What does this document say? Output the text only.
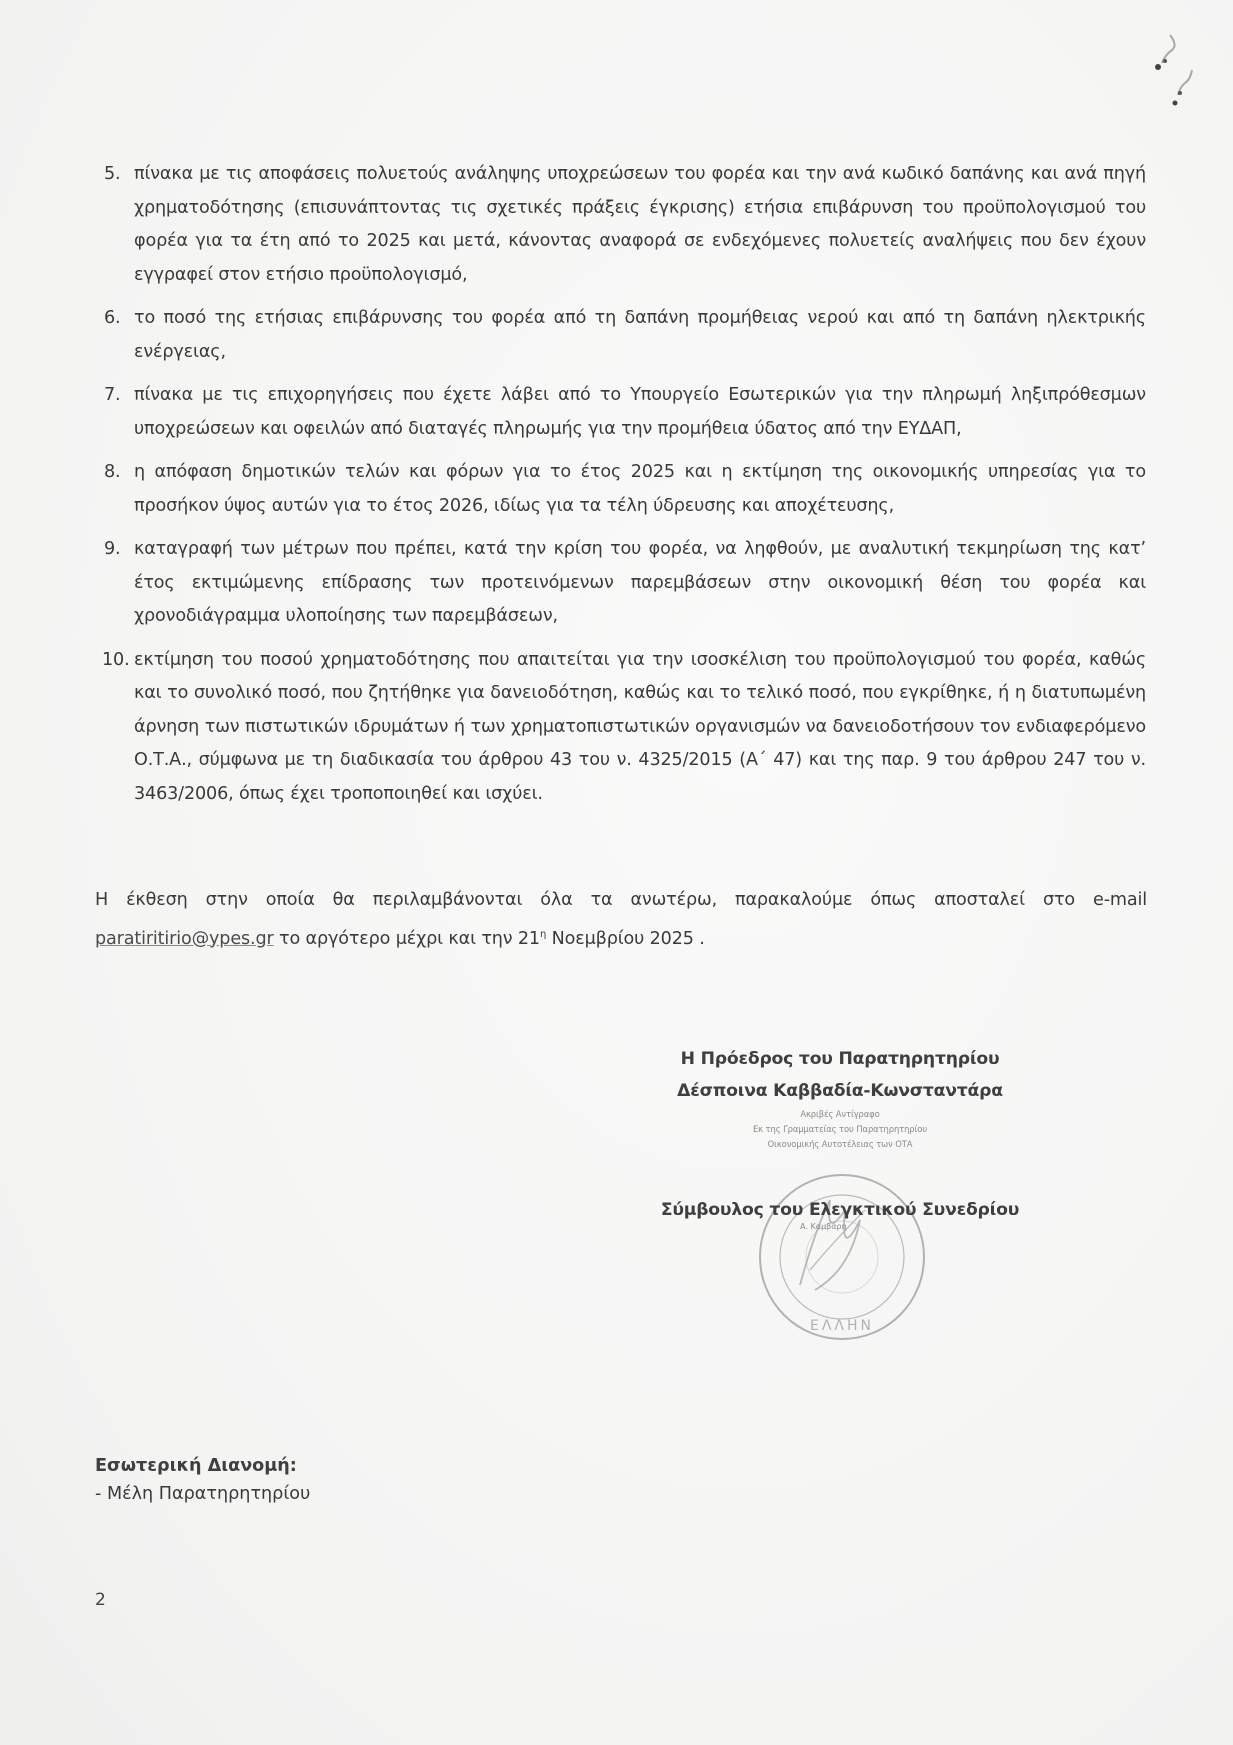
5. πίνακα με τις αποφάσεις πολυετούς ανάληψης υποχρεώσεων του φορέα και την ανά κωδικό δαπάνης και ανά πηγή χρηματοδότησης (επισυνάπτοντας τις σχετικές πράξεις έγκρισης) ετήσια επιβάρυνση του προϋπολογισμού του φορέα για τα έτη από το 2025 και μετά, κάνοντας αναφορά σε ενδεχόμενες πολυετείς αναλήψεις που δεν έχουν εγγραφεί στον ετήσιο προϋπολογισμό,
6. το ποσό της ετήσιας επιβάρυνσης του φορέα από τη δαπάνη προμήθειας νερού και από τη δαπάνη ηλεκτρικής ενέργειας,
7. πίνακα με τις επιχορηγήσεις που έχετε λάβει από το Υπουργείο Εσωτερικών για την πληρωμή ληξιπρόθεσμων υποχρεώσεων και οφειλών από διαταγές πληρωμής για την προμήθεια ύδατος από την ΕΥΔΑΠ,
8. η απόφαση δημοτικών τελών και φόρων για το έτος 2025 και η εκτίμηση της οικονομικής υπηρεσίας για το προσήκον ύψος αυτών για το έτος 2026, ιδίως για τα τέλη ύδρευσης και αποχέτευσης,
9. καταγραφή των μέτρων που πρέπει, κατά την κρίση του φορέα, να ληφθούν, με αναλυτική τεκμηρίωση της κατ’ έτος εκτιμώμενης επίδρασης των προτεινόμενων παρεμβάσεων στην οικονομική θέση του φορέα και χρονοδιάγραμμα υλοποίησης των παρεμβάσεων,
10. εκτίμηση του ποσού χρηματοδότησης που απαιτείται για την ισοσκέλιση του προϋπολογισμού του φορέα, καθώς και το συνολικό ποσό, που ζητήθηκε για δανειοδότηση, καθώς και το τελικό ποσό, που εγκρίθηκε, ή η διατυπωμένη άρνηση των πιστωτικών ιδρυμάτων ή των χρηματοπιστωτικών οργανισμών να δανειοδοτήσουν τον ενδιαφερόμενο Ο.Τ.Α., σύμφωνα με τη διαδικασία του άρθρου 43 του ν. 4325/2015 (Α΄ 47) και της παρ. 9 του άρθρου 247 του ν. 3463/2006, όπως έχει τροποποιηθεί και ισχύει.

Η έκθεση στην οποία θα περιλαμβάνονται όλα τα ανωτέρω, παρακαλούμε όπως αποσταλεί στο e-mail paratiritirio@ypes.gr το αργότερο μέχρι και την $21^\eta$ Νοεμβρίου 2025 .

ΕΛΛΗΝ
Η Πρόεδρος του Παρατηρητηρίου
Δέσποινα Καββαδία-Κωνσταντάρα
Ακριβές Αντίγραφο
Εκ της Γραμματείας του Παρατηρητηρίου
Οικονομικής Αυτοτέλειας των ΟΤΑ
Σύμβουλος του Ελεγκτικού Συνεδρίου
Α. Καμβάρη
Εσωτερική Διανομή:
- Μέλη Παρατηρητηρίου
2
